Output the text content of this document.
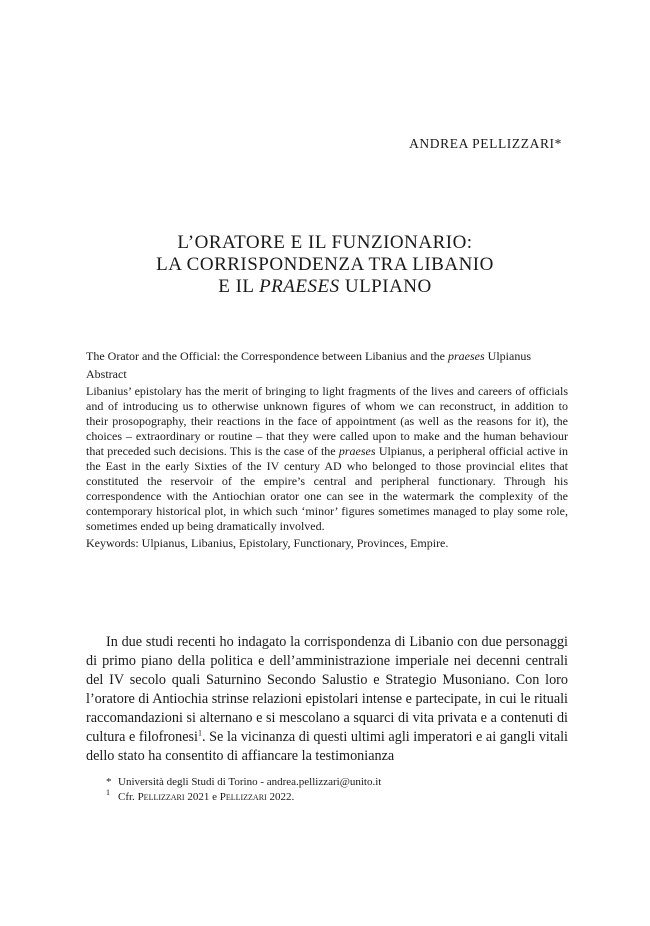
ANDREA PELLIZZARI*
L’ORATORE E IL FUNZIONARIO:
LA CORRISPONDENZA TRA LIBANIO
E IL PRAESES ULPIANO

The Orator and the Official: the Correspondence between Libanius and the praeses Ulpianus

Abstract

Libanius’ epistolary has the merit of bringing to light fragments of the lives and careers of officials and of introducing us to otherwise unknown figures of whom we can reconstruct, in addition to their prosopography, their reactions in the face of appointment (as well as the reasons for it), the choices – extraordinary or routine – that they were called upon to make and the human behaviour that preceded such decisions. This is the case of the praeses Ulpianus, a peripheral official active in the East in the early Sixties of the IV century AD who belonged to those provincial elites that constituted the reservoir of the empire’s central and peripheral functionary. Through his correspondence with the Antiochian orator one can see in the watermark the complexity of the contemporary historical plot, in which such ‘minor’ figures sometimes managed to play some role, sometimes ended up being dramatically involved.

Keywords: Ulpianus, Libanius, Epistolary, Functionary, Provinces, Empire.

In due studi recenti ho indagato la corrispondenza di Libanio con due personaggi di primo piano della politica e dell’amministrazione imperiale nei decenni centrali del IV secolo quali Saturnino Secondo Salustio e Strategio Musoniano. Con loro l’oratore di Antiochia strinse relazioni epistolari intense e partecipate, in cui le rituali raccomandazioni si alternano e si mescolano a squarci di vita privata e a contenuti di cultura e filofronesi$^1$. Se la vicinanza di questi ultimi agli imperatori e ai gangli vitali dello stato ha consentito di affiancare la testimonianza

* Università degli Studi di Torino - andrea.pellizzari@unito.it

$^1$ Cfr. Pellizzari 2021 e Pellizzari 2022.
